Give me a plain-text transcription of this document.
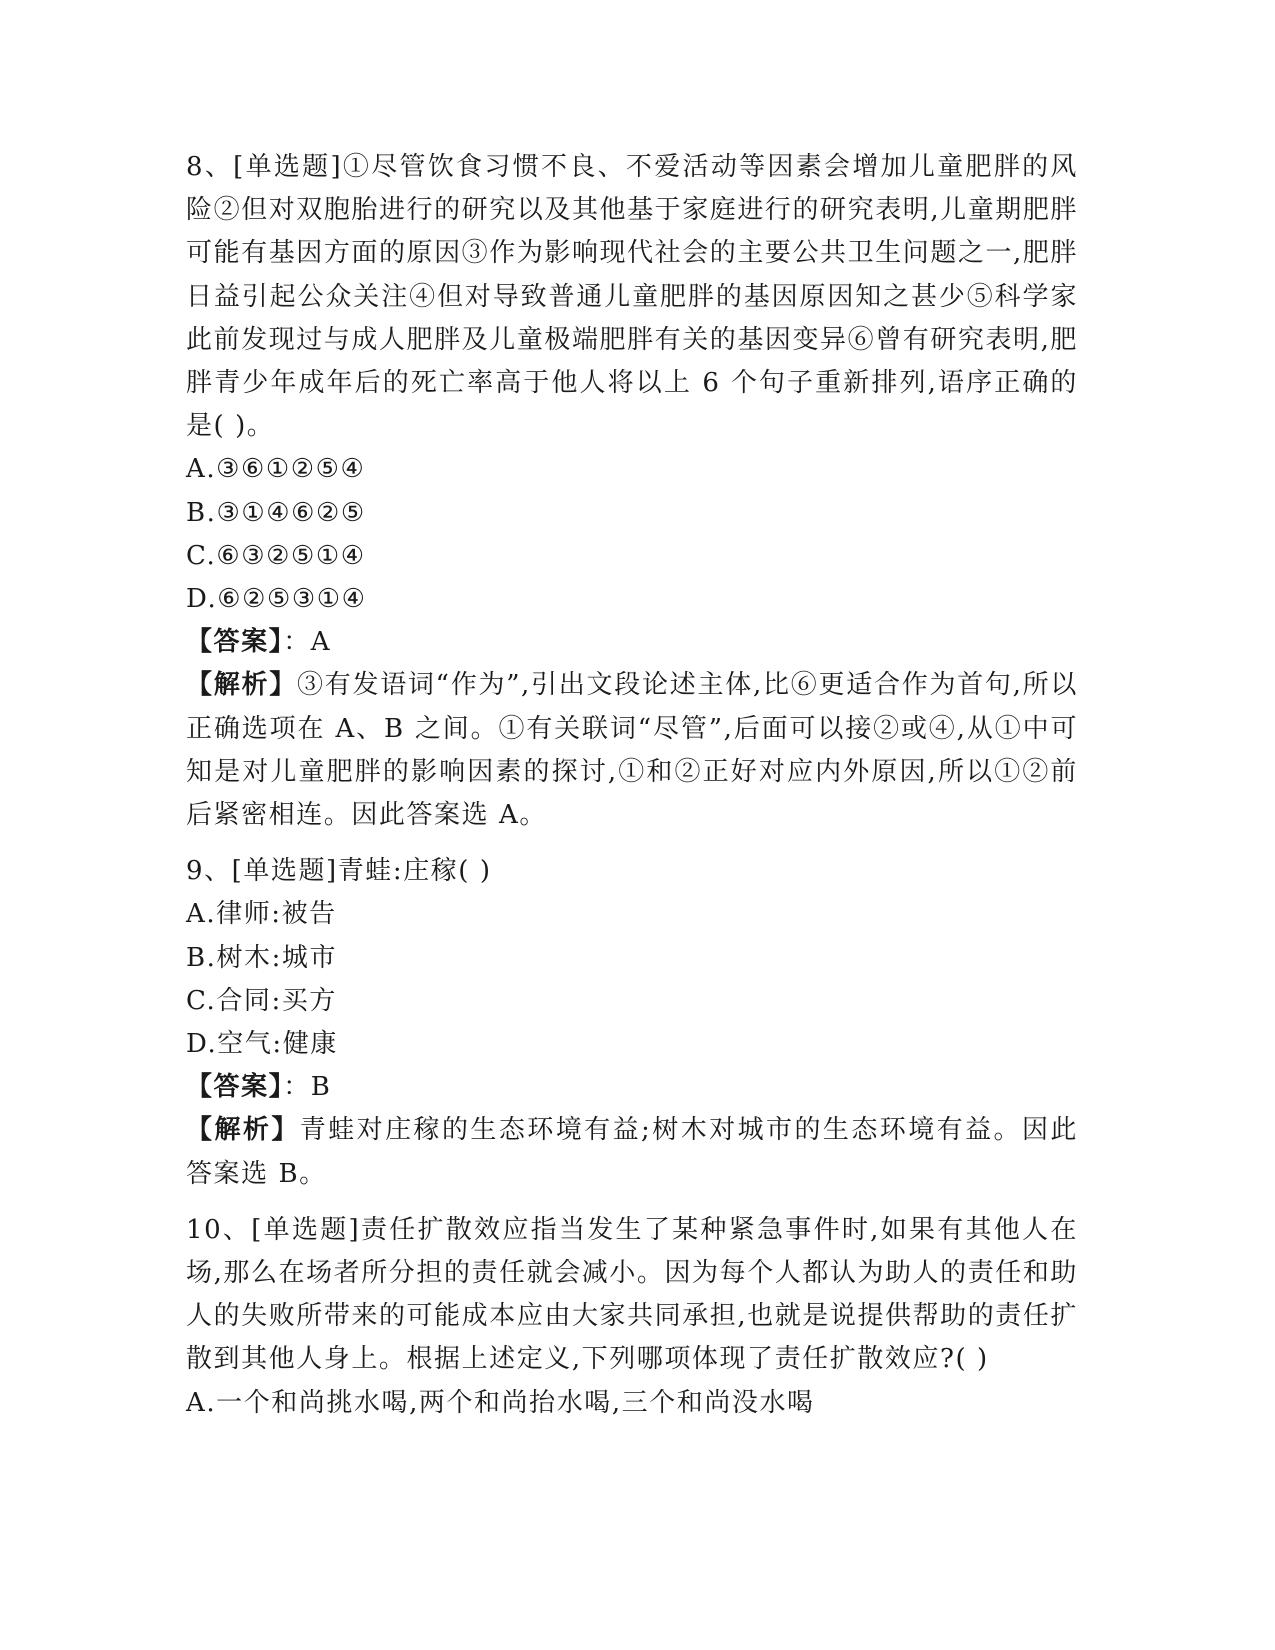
8、[单选题]①尽管饮食习惯不良、不爱活动等因素会增加儿童肥胖的风险②但对双胞胎进行的研究以及其他基于家庭进行的研究表明,儿童期肥胖可能有基因方面的原因③作为影响现代社会的主要公共卫生问题之一,肥胖日益引起公众关注④但对导致普通儿童肥胖的基因原因知之甚少⑤科学家此前发现过与成人肥胖及儿童极端肥胖有关的基因变异⑥曾有研究表明,肥胖青少年成年后的死亡率高于他人将以上 6 个句子重新排列,语序正确的是( )。

A.③⑥①②⑤④

B.③①④⑥②⑤

C.⑥③②⑤①④

D.⑥②⑤③①④

【答案】：A

【解析】③有发语词“作为”,引出文段论述主体,比⑥更适合作为首句,所以正确选项在 A、B 之间。①有关联词“尽管”,后面可以接②或④,从①中可知是对儿童肥胖的影响因素的探讨,①和②正好对应内外原因,所以①②前后紧密相连。因此答案选 A。

9、[单选题]青蛙:庄稼( )

A.律师:被告

B.树木:城市

C.合同:买方

D.空气:健康

【答案】：B

【解析】青蛙对庄稼的生态环境有益;树木对城市的生态环境有益。因此答案选 B。

10、[单选题]责任扩散效应指当发生了某种紧急事件时,如果有其他人在场,那么在场者所分担的责任就会减小。因为每个人都认为助人的责任和助人的失败所带来的可能成本应由大家共同承担,也就是说提供帮助的责任扩散到其他人身上。根据上述定义,下列哪项体现了责任扩散效应?( )

A.一个和尚挑水喝,两个和尚抬水喝,三个和尚没水喝
